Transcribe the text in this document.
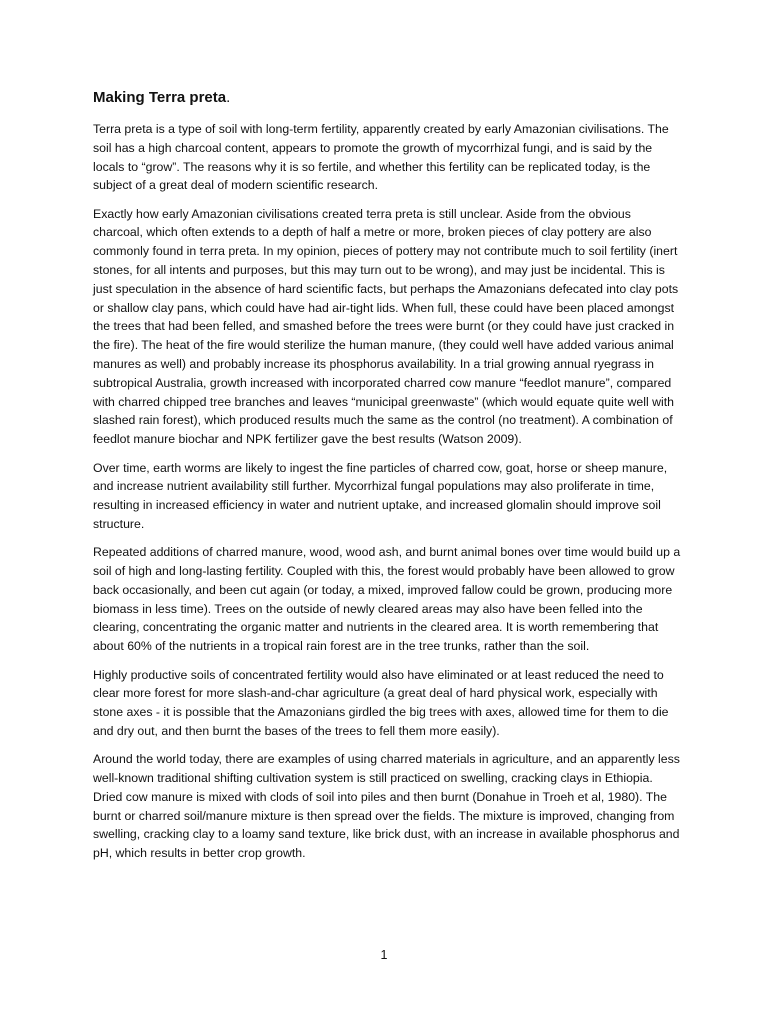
Making Terra preta.

Terra preta is a type of soil with long-term fertility, apparently created by early Amazonian civilisations. The soil has a high charcoal content, appears to promote the growth of mycorrhizal fungi, and is said by the locals to “grow”. The reasons why it is so fertile, and whether this fertility can be replicated today, is the subject of a great deal of modern scientific research.

Exactly how early Amazonian civilisations created terra preta is still unclear. Aside from the obvious charcoal, which often extends to a depth of half a metre or more, broken pieces of clay pottery are also commonly found in terra preta. In my opinion, pieces of pottery may not contribute much to soil fertility (inert stones, for all intents and purposes, but this may turn out to be wrong), and may just be incidental. This is just speculation in the absence of hard scientific facts, but perhaps the Amazonians defecated into clay pots or shallow clay pans, which could have had air-tight lids. When full, these could have been placed amongst the trees that had been felled, and smashed before the trees were burnt (or they could have just cracked in the fire). The heat of the fire would sterilize the human manure, (they could well have added various animal manures as well) and probably increase its phosphorus availability. In a trial growing annual ryegrass in subtropical Australia, growth increased with incorporated charred cow manure “feedlot manure”, compared with charred chipped tree branches and leaves “municipal greenwaste” (which would equate quite well with slashed rain forest), which produced results much the same as the control (no treatment). A combination of feedlot manure biochar and NPK fertilizer gave the best results (Watson 2009).

Over time, earth worms are likely to ingest the fine particles of charred cow, goat, horse or sheep manure, and increase nutrient availability still further. Mycorrhizal fungal populations may also proliferate in time, resulting in increased efficiency in water and nutrient uptake, and increased glomalin should improve soil structure.

Repeated additions of charred manure, wood, wood ash, and burnt animal bones over time would build up a soil of high and long-lasting fertility. Coupled with this, the forest would probably have been allowed to grow back occasionally, and been cut again (or today, a mixed, improved fallow could be grown, producing more biomass in less time). Trees on the outside of newly cleared areas may also have been felled into the clearing, concentrating the organic matter and nutrients in the cleared area. It is worth remembering that about 60% of the nutrients in a tropical rain forest are in the tree trunks, rather than the soil.

Highly productive soils of concentrated fertility would also have eliminated or at least reduced the need to clear more forest for more slash-and-char agriculture (a great deal of hard physical work, especially with stone axes - it is possible that the Amazonians girdled the big trees with axes, allowed time for them to die and dry out, and then burnt the bases of the trees to fell them more easily).

Around the world today, there are examples of using charred materials in agriculture, and an apparently less well-known traditional shifting cultivation system is still practiced on swelling, cracking clays in Ethiopia. Dried cow manure is mixed with clods of soil into piles and then burnt (Donahue in Troeh et al, 1980). The burnt or charred soil/manure mixture is then spread over the fields. The mixture is improved, changing from swelling, cracking clay to a loamy sand texture, like brick dust, with an increase in available phosphorus and pH, which results in better crop growth.

1
